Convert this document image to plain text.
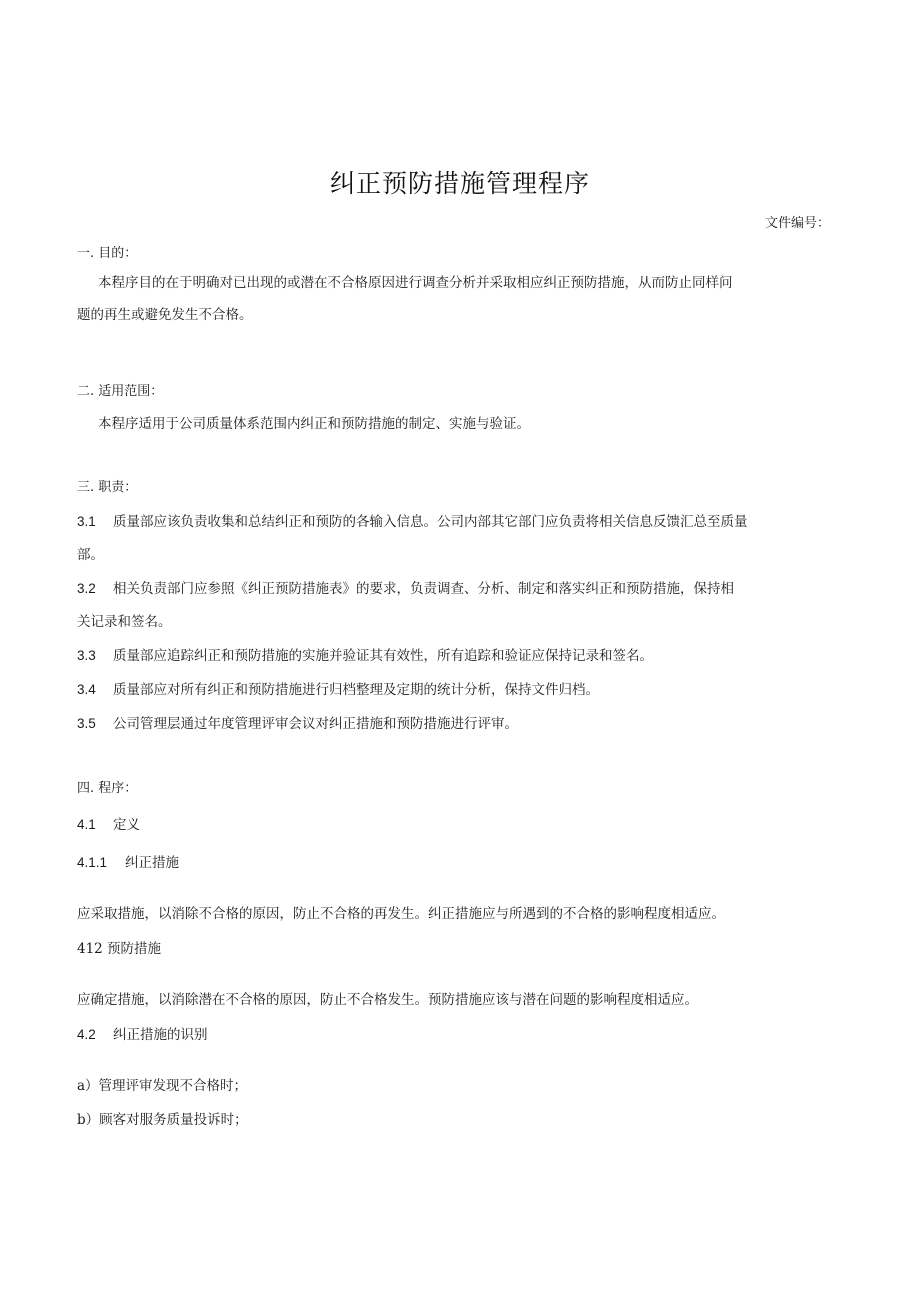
纠正预防措施管理程序
文件编号：
一. 目的：
本程序目的在于明确对已出现的或潜在不合格原因进行调查分析并采取相应纠正预防措施，从而防止同样问
题的再生或避免发生不合格。
二. 适用范围：
本程序适用于公司质量体系范围内纠正和预防措施的制定、实施与验证。
三. 职责：
3.1 质量部应该负责收集和总结纠正和预防的各输入信息。公司内部其它部门应负责将相关信息反馈汇总至质量
部。
3.2 相关负责部门应参照《纠正预防措施表》的要求，负责调查、分析、制定和落实纠正和预防措施，保持相
关记录和签名。
3.3 质量部应追踪纠正和预防措施的实施并验证其有效性，所有追踪和验证应保持记录和签名。
3.4 质量部应对所有纠正和预防措施进行归档整理及定期的统计分析，保持文件归档。
3.5 公司管理层通过年度管理评审会议对纠正措施和预防措施进行评审。
四. 程序：
4.1 定义
4.1.1 纠正措施
应采取措施，以消除不合格的原因，防止不合格的再发生。纠正措施应与所遇到的不合格的影响程度相适应。
412 预防措施
应确定措施，以消除潜在不合格的原因，防止不合格发生。预防措施应该与潜在问题的影响程度相适应。
4.2 纠正措施的识别
a）管理评审发现不合格时；
b）顾客对服务质量投诉时；
